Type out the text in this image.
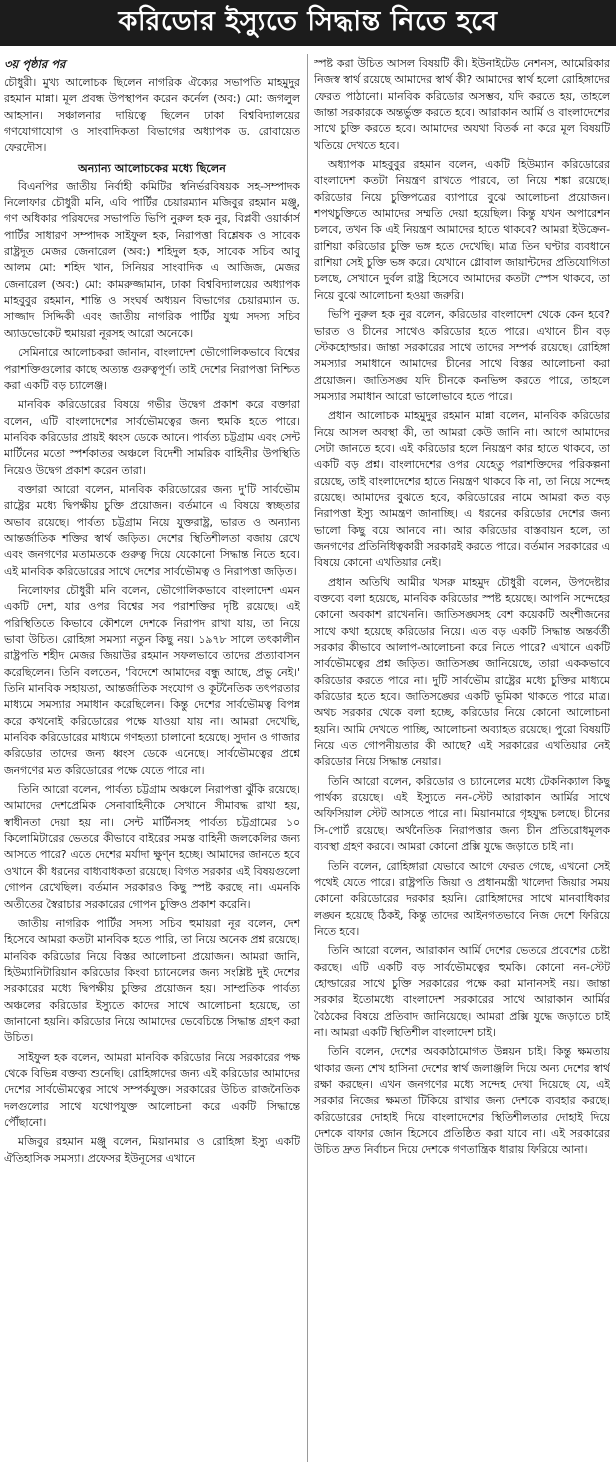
করিডোর ইস্যুতে সিদ্ধান্ত নিতে হবে
৩য় পৃষ্ঠার পর

চৌধুরী। মুখ্য আলোচক ছিলেন নাগরিক ঐক্যের সভাপতি মাহমুদুর রহমান মান্না। মূল প্রবন্ধ উপস্থাপন করেন কর্নেল (অব:) মো: জগলুল আহসান। সঞ্চালনার দায়িত্বে ছিলেন ঢাকা বিশ্ববিদ্যালয়ের গণযোগাযোগ ও সাংবাদিকতা বিভাগের অধ্যাপক ড. রোবায়েত ফেরদৌস।

অন্যান্য আলোচকের মধ্যে ছিলেন

বিএনপির জাতীয় নির্বাহী কমিটির স্বনির্ভরবিষয়ক সহ-সম্পাদক নিলোফার চৌধুরী মনি, এবি পার্টির চেয়ারম্যান মজিবুর রহমান মঞ্জু, গণ অধিকার পরিষদের সভাপতি ভিপি নুরুল হক নুর, বিপ্লবী ওয়ার্কার্স পার্টির সাধারণ সম্পাদক সাইফুল হক, নিরাপত্তা বিশ্লেষক ও সাবেক রাষ্ট্রদূত মেজর জেনারেল (অব:) শহিদুল হক, সাবেক সচিব আবু আলম মো: শহিদ খান, সিনিয়র সাংবাদিক এ আজিজ, মেজর জেনারেল (অব:) মো: কামরুজ্জামান, ঢাকা বিশ্ববিদ্যালয়ের অধ্যাপক মাহবুবুর রহমান, শান্তি ও সংঘর্ষ অধ্যয়ন বিভাগের চেয়ারম্যান ড. সাজ্জাদ সিদ্দিকী এবং জাতীয় নাগরিক পার্টির যুগ্ম সদস্য সচিব অ্যাডভোকেট হুমায়রা নূরসহ আরো অনেকে।

সেমিনারে আলোচকরা জানান, বাংলাদেশ ভৌগোলিকভাবে বিশ্বের পরাশক্তিগুলোর কাছে অত্যন্ত গুরুত্বপূর্ণ। তাই দেশের নিরাপত্তা নিশ্চিত করা একটি বড় চ্যালেঞ্জ।

মানবিক করিডোরের বিষয়ে গভীর উদ্বেগ প্রকাশ করে বক্তারা বলেন, এটি বাংলাদেশের সার্বভৌমত্বের জন্য হুমকি হতে পারে। মানবিক করিডোর প্রায়ই ধ্বংস ডেকে আনে। পার্বত্য চট্টগ্রাম এবং সেন্ট মার্টিনের মতো স্পর্শকাতর অঞ্চলে বিদেশী সামরিক বাহিনীর উপস্থিতি নিয়েও উদ্বেগ প্রকাশ করেন তারা।

বক্তারা আরো বলেন, মানবিক করিডোরের জন্য দু'টি সার্বভৌম রাষ্ট্রের মধ্যে দ্বিপক্ষীয় চুক্তি প্রয়োজন। বর্তমানে এ বিষয়ে স্বচ্ছতার অভাব রয়েছে। পার্বত্য চট্টগ্রাম নিয়ে যুক্তরাষ্ট্র, ভারত ও অন্যান্য আন্তর্জাতিক শক্তির স্বার্থ জড়িত। দেশের স্থিতিশীলতা বজায় রেখে এবং জনগণের মতামতকে গুরুত্ব দিয়ে যেকোনো সিদ্ধান্ত নিতে হবে। এই মানবিক করিডোরের সাথে দেশের সার্বভৌমত্ব ও নিরাপত্তা জড়িত।

নিলোফার চৌধুরী মনি বলেন, ভৌগোলিকভাবে বাংলাদেশ এমন একটি দেশ, যার ওপর বিশ্বের সব পরাশক্তির দৃষ্টি রয়েছে। এই পরিস্থিতিতে কিভাবে কৌশলে দেশকে নিরাপদ রাখা যায়, তা নিয়ে ভাবা উচিত। রোহিঙ্গা সমস্যা নতুন কিছু নয়। ১৯৭৮ সালে তৎকালীন রাষ্ট্রপতি শহীদ মেজর জিয়াউর রহমান সফলভাবে তাদের প্রত্যাবাসন করেছিলেন। তিনি বলতেন, 'বিদেশে আমাদের বন্ধু আছে, প্রভু নেই।' তিনি মানবিক সহায়তা, আন্তর্জাতিক সংযোগ ও কূটনৈতিক তৎপরতার মাধ্যমে সমস্যার সমাধান করেছিলেন। কিন্তু দেশের সার্বভৌমত্ব বিপন্ন করে কখনোই করিডোরের পক্ষে যাওয়া যায় না। আমরা দেখেছি, মানবিক করিডোরের মাধ্যমে গণহত্যা চালানো হয়েছে। সুদান ও গাজার করিডোর তাদের জন্য ধ্বংস ডেকে এনেছে। সার্বভৌমত্বের প্রশ্নে জনগণের মত করিডোরের পক্ষে যেতে পারে না।

তিনি আরো বলেন, পার্বত্য চট্টগ্রাম অঞ্চলে নিরাপত্তা ঝুঁকি রয়েছে। আমাদের দেশপ্রেমিক সেনাবাহিনীকে সেখানে সীমাবদ্ধ রাখা হয়, স্বাধীনতা দেয়া হয় না। সেন্ট মার্টিনসহ পার্বত্য চট্টগ্রামের ১০ কিলোমিটারের ভেতরে কীভাবে বাইরের সমস্ত বাহিনী জলকেলির জন্য আসতে পারে? এতে দেশের মর্যাদা ক্ষুণ্ন হচ্ছে। আমাদের জানতে হবে ওখানে কী ধরনের বাধ্যবাধকতা রয়েছে। বিগত সরকার এই বিষয়গুলো গোপন রেখেছিল। বর্তমান সরকারও কিছু স্পষ্ট করছে না। এমনকি অতীতের স্বৈরাচার সরকারের গোপন চুক্তিও প্রকাশ করেনি।

জাতীয় নাগরিক পার্টির সদস্য সচিব হুমায়রা নূর বলেন, দেশ হিসেবে আমরা কতটা মানবিক হতে পারি, তা নিয়ে অনেক প্রশ্ন রয়েছে। মানবিক করিডোর নিয়ে বিস্তর আলোচনা প্রয়োজন। আমরা জানি, হিউম্যানিটারিয়ান করিডোর কিংবা চ্যানেলের জন্য সংশ্লিষ্ট দুই দেশের সরকারের মধ্যে দ্বিপক্ষীয় চুক্তির প্রয়োজন হয়। সাম্প্রতিক পার্বত্য অঞ্চলের করিডোর ইস্যুতে কাদের সাথে আলোচনা হয়েছে, তা জানানো হয়নি। করিডোর নিয়ে আমাদের ভেবেচিন্তে সিদ্ধান্ত গ্রহণ করা উচিত।

সাইফুল হক বলেন, আমরা মানবিক করিডোর নিয়ে সরকারের পক্ষ থেকে বিভিন্ন বক্তব্য শুনেছি। রোহিঙ্গাদের জন্য এই করিডোর আমাদের দেশের সার্বভৌমত্বের সাথে সম্পর্কযুক্ত। সরকারের উচিত রাজনৈতিক দলগুলোর সাথে যথোপযুক্ত আলোচনা করে একটি সিদ্ধান্তে পৌঁছানো।

মজিবুর রহমান মঞ্জু বলেন, মিয়ানমার ও রোহিঙ্গা ইস্যু একটি ঐতিহাসিক সমস্যা। প্রফেসর ইউনূসের এখানে

স্পষ্ট করা উচিত আসল বিষয়টি কী। ইউনাইটেড নেশনস, আমেরিকার নিজস্ব স্বার্থ রয়েছে আমাদের স্বার্থ কী? আমাদের স্বার্থ হলো রোহিঙ্গাদের ফেরত পাঠানো। মানবিক করিডোর অসম্ভব, যদি করতে হয়, তাহলে জান্তা সরকারকে অন্তর্ভুক্ত করতে হবে। আরাকান আর্মি ও বাংলাদেশের সাথে চুক্তি করতে হবে। আমাদের অযথা বিতর্ক না করে মূল বিষয়টি খতিয়ে দেখতে হবে।

অধ্যাপক মাহবুবুর রহমান বলেন, একটি হিউম্যান করিডোরের বাংলাদেশ কতটা নিয়ন্ত্রণ রাখতে পারবে, তা নিয়ে শঙ্কা রয়েছে। করিডোর নিয়ে চুক্তিপত্রের ব্যাপারে বুঝে আলোচনা প্রয়োজন। শপথচুক্তিতে আমাদের সম্মতি দেয়া হয়েছিল। কিন্তু যখন অপারেশন চলবে, তখন কি এই নিয়ন্ত্রণ আমাদের হাতে থাকবে? আমরা ইউক্রেন-রাশিয়া করিডোর চুক্তি ভঙ্গ হতে দেখেছি। মাত্র তিন ঘণ্টার ব্যবধানে রাশিয়া সেই চুক্তি ভঙ্গ করে। যেখানে গ্লোবাল জায়ান্টদের প্রতিযোগিতা চলছে, সেখানে দুর্বল রাষ্ট্র হিসেবে আমাদের কতটা স্পেস থাকবে, তা নিয়ে বুঝে আলোচনা হওয়া জরুরি।

ভিপি নুরুল হক নুর বলেন, করিডোর বাংলাদেশ থেকে কেন হবে? ভারত ও চীনের সাথেও করিডোর হতে পারে। এখানে চীন বড় স্টেকহোল্ডার। জান্তা সরকারের সাথে তাদের সম্পর্ক রয়েছে। রোহিঙ্গা সমস্যার সমাধানে আমাদের চীনের সাথে বিস্তর আলোচনা করা প্রয়োজন। জাতিসঙ্ঘ যদি চীনকে কনভিন্স করতে পারে, তাহলে সমস্যার সমাধান আরো ভালোভাবে হতে পারে।

প্রধান আলোচক মাহমুদুর রহমান মান্না বলেন, মানবিক করিডোর নিয়ে আসল অবস্থা কী, তা আমরা কেউ জানি না। আগে আমাদের সেটা জানতে হবে। এই করিডোর হলে নিয়ন্ত্রণ কার হাতে থাকবে, তা একটি বড় প্রশ্ন। বাংলাদেশের ওপর যেহেতু পরাশক্তিদের পরিকল্পনা রয়েছে, তাই বাংলাদেশের হাতে নিয়ন্ত্রণ থাকবে কি না, তা নিয়ে সন্দেহ রয়েছে। আমাদের বুঝতে হবে, করিডোরের নামে আমরা কত বড় নিরাপত্তা ইস্যু আমন্ত্রণ জানাচ্ছি। এ ধরনের করিডোর দেশের জন্য ভালো কিছু বয়ে আনবে না। আর করিডোর বাস্তবায়ন হলে, তা জনগণের প্রতিনিধিত্বকারী সরকারই করতে পারে। বর্তমান সরকারের এ বিষয়ে কোনো এখতিয়ার নেই।

প্রধান অতিথি আমীর খসরু মাহমুদ চৌধুরী বলেন, উপদেষ্টার বক্তব্যে বলা হয়েছে, মানবিক করিডোর স্পষ্ট হয়েছে। আপনি সন্দেহের কোনো অবকাশ রাখেননি। জাতিসঙ্ঘসহ বেশ কয়েকটি অংশীজনের সাথে কথা হয়েছে করিডোর নিয়ে। এত বড় একটি সিদ্ধান্ত অন্তর্বর্তী সরকার কীভাবে আলাপ-আলোচনা করে নিতে পারে? এখানে একটি সার্বভৌমত্বের প্রশ্ন জড়িত। জাতিসঙ্ঘ জানিয়েছে, তারা এককভাবে করিডোর করতে পারে না। দুটি সার্বভৌম রাষ্ট্রের মধ্যে চুক্তির মাধ্যমে করিডোর হতে হবে। জাতিসঙ্ঘের একটি ভূমিকা থাকতে পারে মাত্র। অথচ সরকার থেকে বলা হচ্ছে, করিডোর নিয়ে কোনো আলোচনা হয়নি। আমি দেখতে পাচ্ছি, আলোচনা অব্যাহত রয়েছে। পুরো বিষয়টি নিয়ে এত গোপনীয়তার কী আছে? এই সরকারের এখতিয়ার নেই করিডোর নিয়ে সিদ্ধান্ত নেয়ার।

তিনি আরো বলেন, করিডোর ও চ্যানেলের মধ্যে টেকনিক্যাল কিছু পার্থক্য রয়েছে। এই ইস্যুতে নন-স্টেট আরাকান আর্মির সাথে অফিসিয়াল স্টেট আসতে পারে না। মিয়ানমারে গৃহযুদ্ধ চলছে। চীনের সি-পোর্ট রয়েছে। অর্থনৈতিক নিরাপত্তার জন্য চীন প্রতিরোধমূলক ব্যবস্থা গ্রহণ করবে। আমরা কোনো প্রক্সি যুদ্ধে জড়াতে চাই না।

তিনি বলেন, রোহিঙ্গারা যেভাবে আগে ফেরত গেছে, এখনো সেই পথেই যেতে পারে। রাষ্ট্রপতি জিয়া ও প্রধানমন্ত্রী খালেদা জিয়ার সময় কোনো করিডোরের দরকার হয়নি। রোহিঙ্গাদের সাথে মানবাধিকার লঙ্ঘন হয়েছে ঠিকই, কিন্তু তাদের আইনগতভাবে নিজ দেশে ফিরিয়ে নিতে হবে।

তিনি আরো বলেন, আরাকান আর্মি দেশের ভেতরে প্রবেশের চেষ্টা করছে। এটি একটি বড় সার্বভৌমত্বের হুমকি। কোনো নন-স্টেট হোল্ডারের সাথে চুক্তি সরকারের পক্ষে করা মানানসই নয়। জান্তা সরকার ইতোমধ্যে বাংলাদেশ সরকারের সাথে আরাকান আর্মির বৈঠকের বিষয়ে প্রতিবাদ জানিয়েছে। আমরা প্রক্সি যুদ্ধে জড়াতে চাই না। আমরা একটি স্থিতিশীল বাংলাদেশ চাই।

তিনি বলেন, দেশের অবকাঠামোগত উন্নয়ন চাই। কিন্তু ক্ষমতায় থাকার জন্য শেখ হাসিনা দেশের স্বার্থ জলাঞ্জলি দিয়ে অন্য দেশের স্বার্থ রক্ষা করছেন। এখন জনগণের মধ্যে সন্দেহ দেখা দিয়েছে যে, এই সরকার নিজের ক্ষমতা টিকিয়ে রাখার জন্য দেশকে ব্যবহার করছে। করিডোরের দোহাই দিয়ে বাংলাদেশের স্থিতিশীলতার দোহাই দিয়ে দেশকে বাফার জোন হিসেবে প্রতিষ্ঠিত করা যাবে না। এই সরকারের উচিত দ্রুত নির্বাচন দিয়ে দেশকে গণতান্ত্রিক ধারায় ফিরিয়ে আনা।
